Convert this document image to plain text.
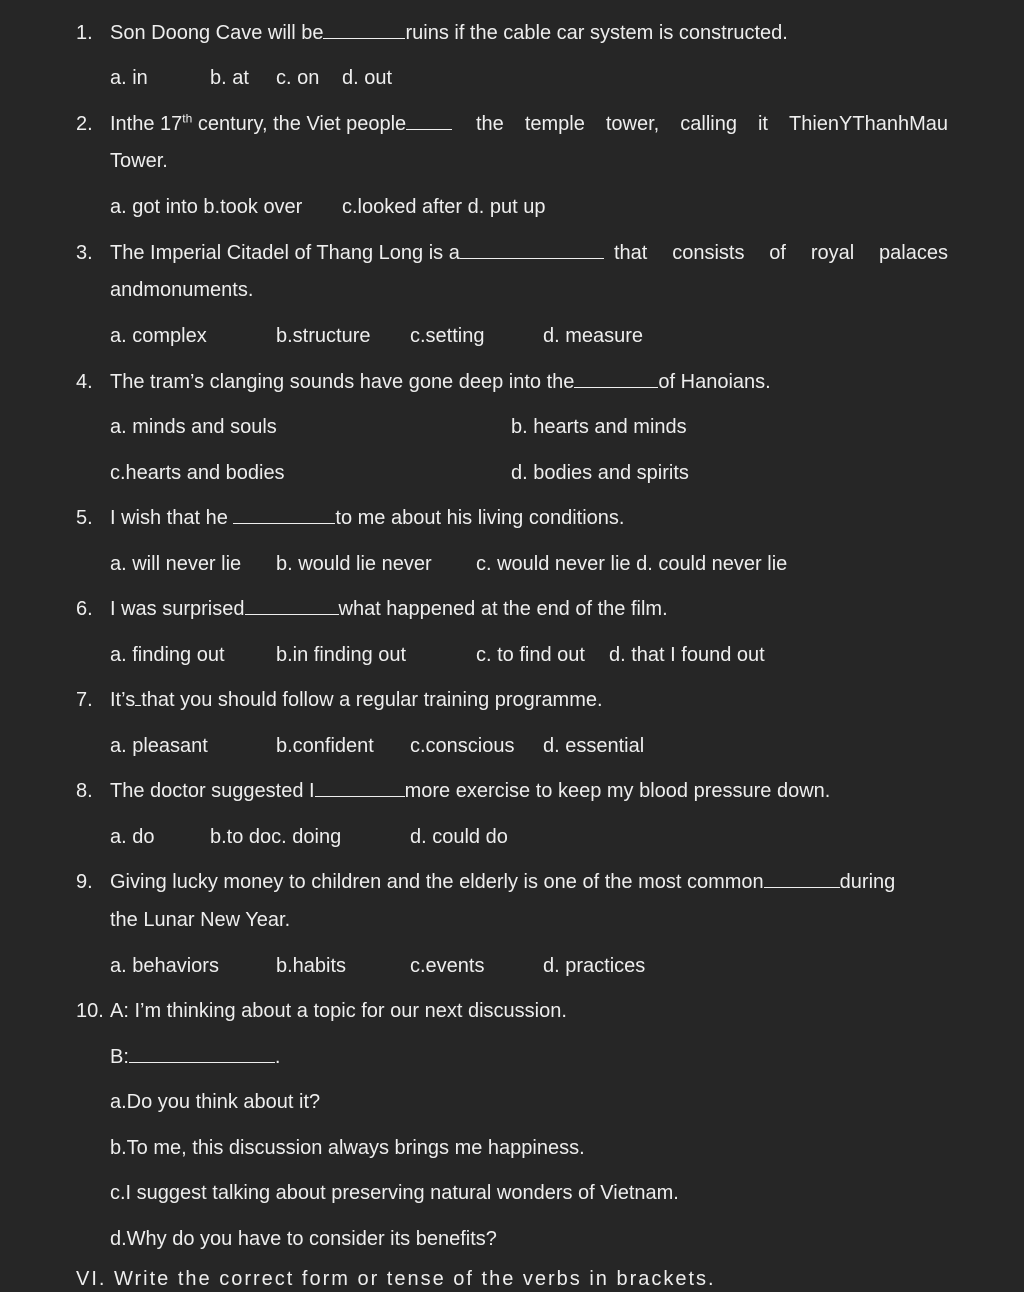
1. Son Doong Cave will be	ruins if the cable car system is constructed.
a. in	b. at c. on d. out
2. Inthe 17th century, the Viet people	the temple tower, calling it ThienYThanhMau
Tower.
a. got into b.took over c.looked after d. put up
3. The Imperial Citadel of Thang Long is a	that consists of royal palaces
andmonuments.
a. complex	b.structure c.setting	d. measure
4. The tram’s clanging sounds have gone deep into the	of Hanoians.
a. minds and souls	b. hearts and minds
c.hearts and bodies	d. bodies and spirits
5. I wish that he	to me about his living conditions.
a. will never lie b. would lie never c. would never lie d. could never lie
6. I was surprised	what happened at the end of the film.
a. finding out	b.in finding out	c. to find out d. that I found out
7. It’s that you should follow a regular training programme.
a. pleasant	b.confident c.conscious d. essential
8. The doctor suggested I	more exercise to keep my blood pressure down.
a. do	b.to doc. doing	d. could do
9. Giving lucky money to children and the elderly is one of the most common	during
the Lunar New Year.
a. behaviors	b.habits	c.events	d. practices
10. A: I’m thinking about a topic for our next discussion.
B:	.
a.Do you think about it?
b.To me, this discussion always brings me happiness.
c.I suggest talking about preserving natural wonders of Vietnam.
d.Why do you have to consider its benefits?
VI. Write the correct form or tense of the verbs in brackets.
